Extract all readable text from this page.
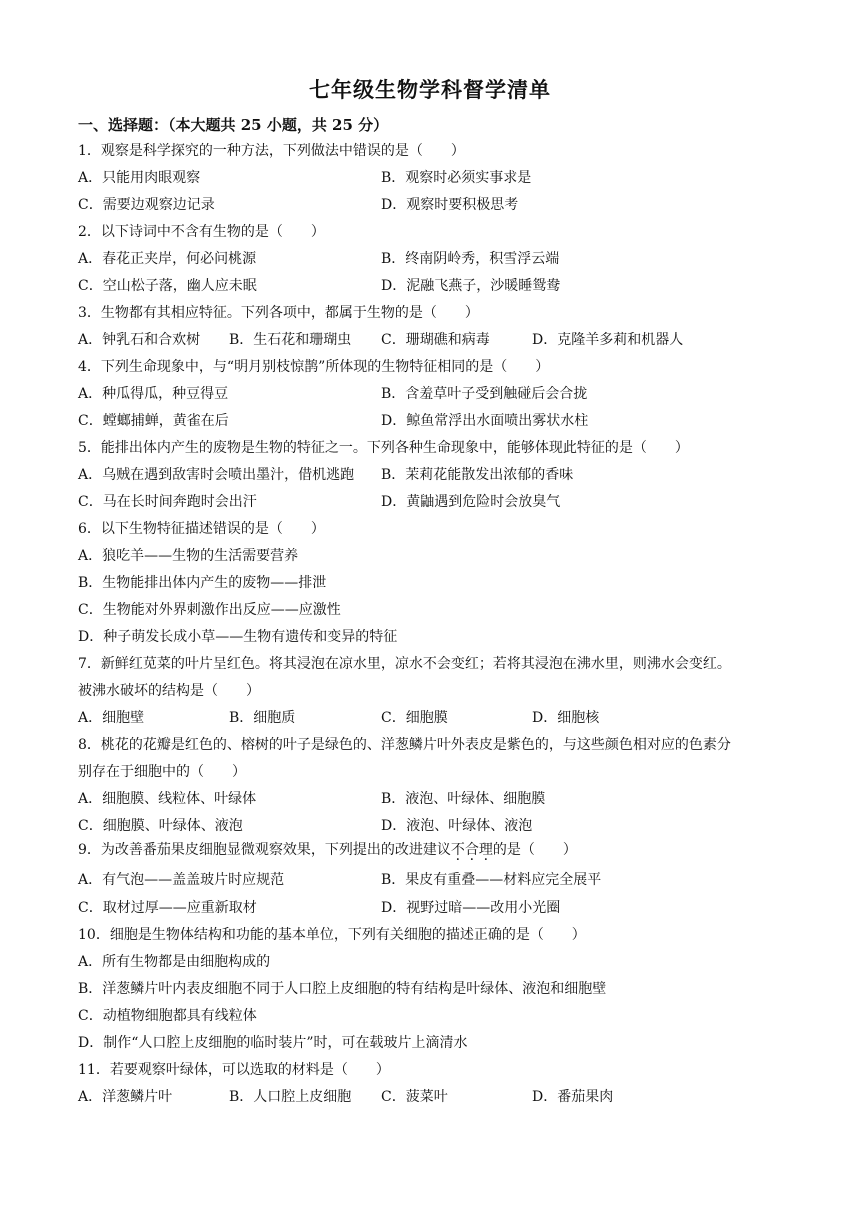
七年级生物学科督学清单
一、选择题：（本大题共 25 小题，共 25 分）
1．观察是科学探究的一种方法，下列做法中错误的是（　　）
A．只能用肉眼观察	B．观察时必须实事求是
C．需要边观察边记录	D．观察时要积极思考
2．以下诗词中不含有生物的是（　　）
A．春花正夹岸，何必问桃源	B．终南阴岭秀，积雪浮云端
C．空山松子落，幽人应未眠	D．泥融飞燕子，沙暖睡鸳鸯
3．生物都有其相应特征。下列各项中，都属于生物的是（　　）
A．钟乳石和合欢树 B．生石花和珊瑚虫 C．珊瑚礁和病毒	D．克隆羊多莉和机器人
4．下列生命现象中，与“明月别枝惊鹊”所体现的生物特征相同的是（　　）
A．种瓜得瓜，种豆得豆	B．含羞草叶子受到触碰后会合拢
C．螳螂捕蝉，黄雀在后	D．鲸鱼常浮出水面喷出雾状水柱
5．能排出体内产生的废物是生物的特征之一。下列各种生命现象中，能够体现此特征的是（　　）
A．乌贼在遇到敌害时会喷出墨汁，借机逃跑 B．茉莉花能散发出浓郁的香味
C．马在长时间奔跑时会出汗	D．黄鼬遇到危险时会放臭气
6．以下生物特征描述错误的是（　　）
A．狼吃羊——生物的生活需要营养
B．生物能排出体内产生的废物——排泄
C．生物能对外界刺激作出反应——应激性
D．种子萌发长成小草——生物有遗传和变异的特征
7．新鲜红苋菜的叶片呈红色。将其浸泡在凉水里，凉水不会变红；若将其浸泡在沸水里，则沸水会变红。
被沸水破坏的结构是（　　）
A．细胞壁	B．细胞质	C．细胞膜	D．细胞核
8．桃花的花瓣是红色的、榕树的叶子是绿色的、洋葱鳞片叶外表皮是紫色的，与这些颜色相对应的色素分
别存在于细胞中的（　　）
A．细胞膜、线粒体、叶绿体	B．液泡、叶绿体、细胞膜
C．细胞膜、叶绿体、液泡	D．液泡、叶绿体、液泡
9．为改善番茄果皮细胞显微观察效果，下列提出的改进建议不合理的是（　　）
A．有气泡——盖盖玻片时应规范	B．果皮有重叠——材料应完全展平
C．取材过厚——应重新取材	D．视野过暗——改用小光圈
10．细胞是生物体结构和功能的基本单位，下列有关细胞的描述正确的是（　　）
A．所有生物都是由细胞构成的
B．洋葱鳞片叶内表皮细胞不同于人口腔上皮细胞的特有结构是叶绿体、液泡和细胞壁
C．动植物细胞都具有线粒体
D．制作“人口腔上皮细胞的临时装片”时，可在载玻片上滴清水
11．若要观察叶绿体，可以选取的材料是（　　）
A．洋葱鳞片叶	B．人口腔上皮细胞 C．菠菜叶	D．番茄果肉
